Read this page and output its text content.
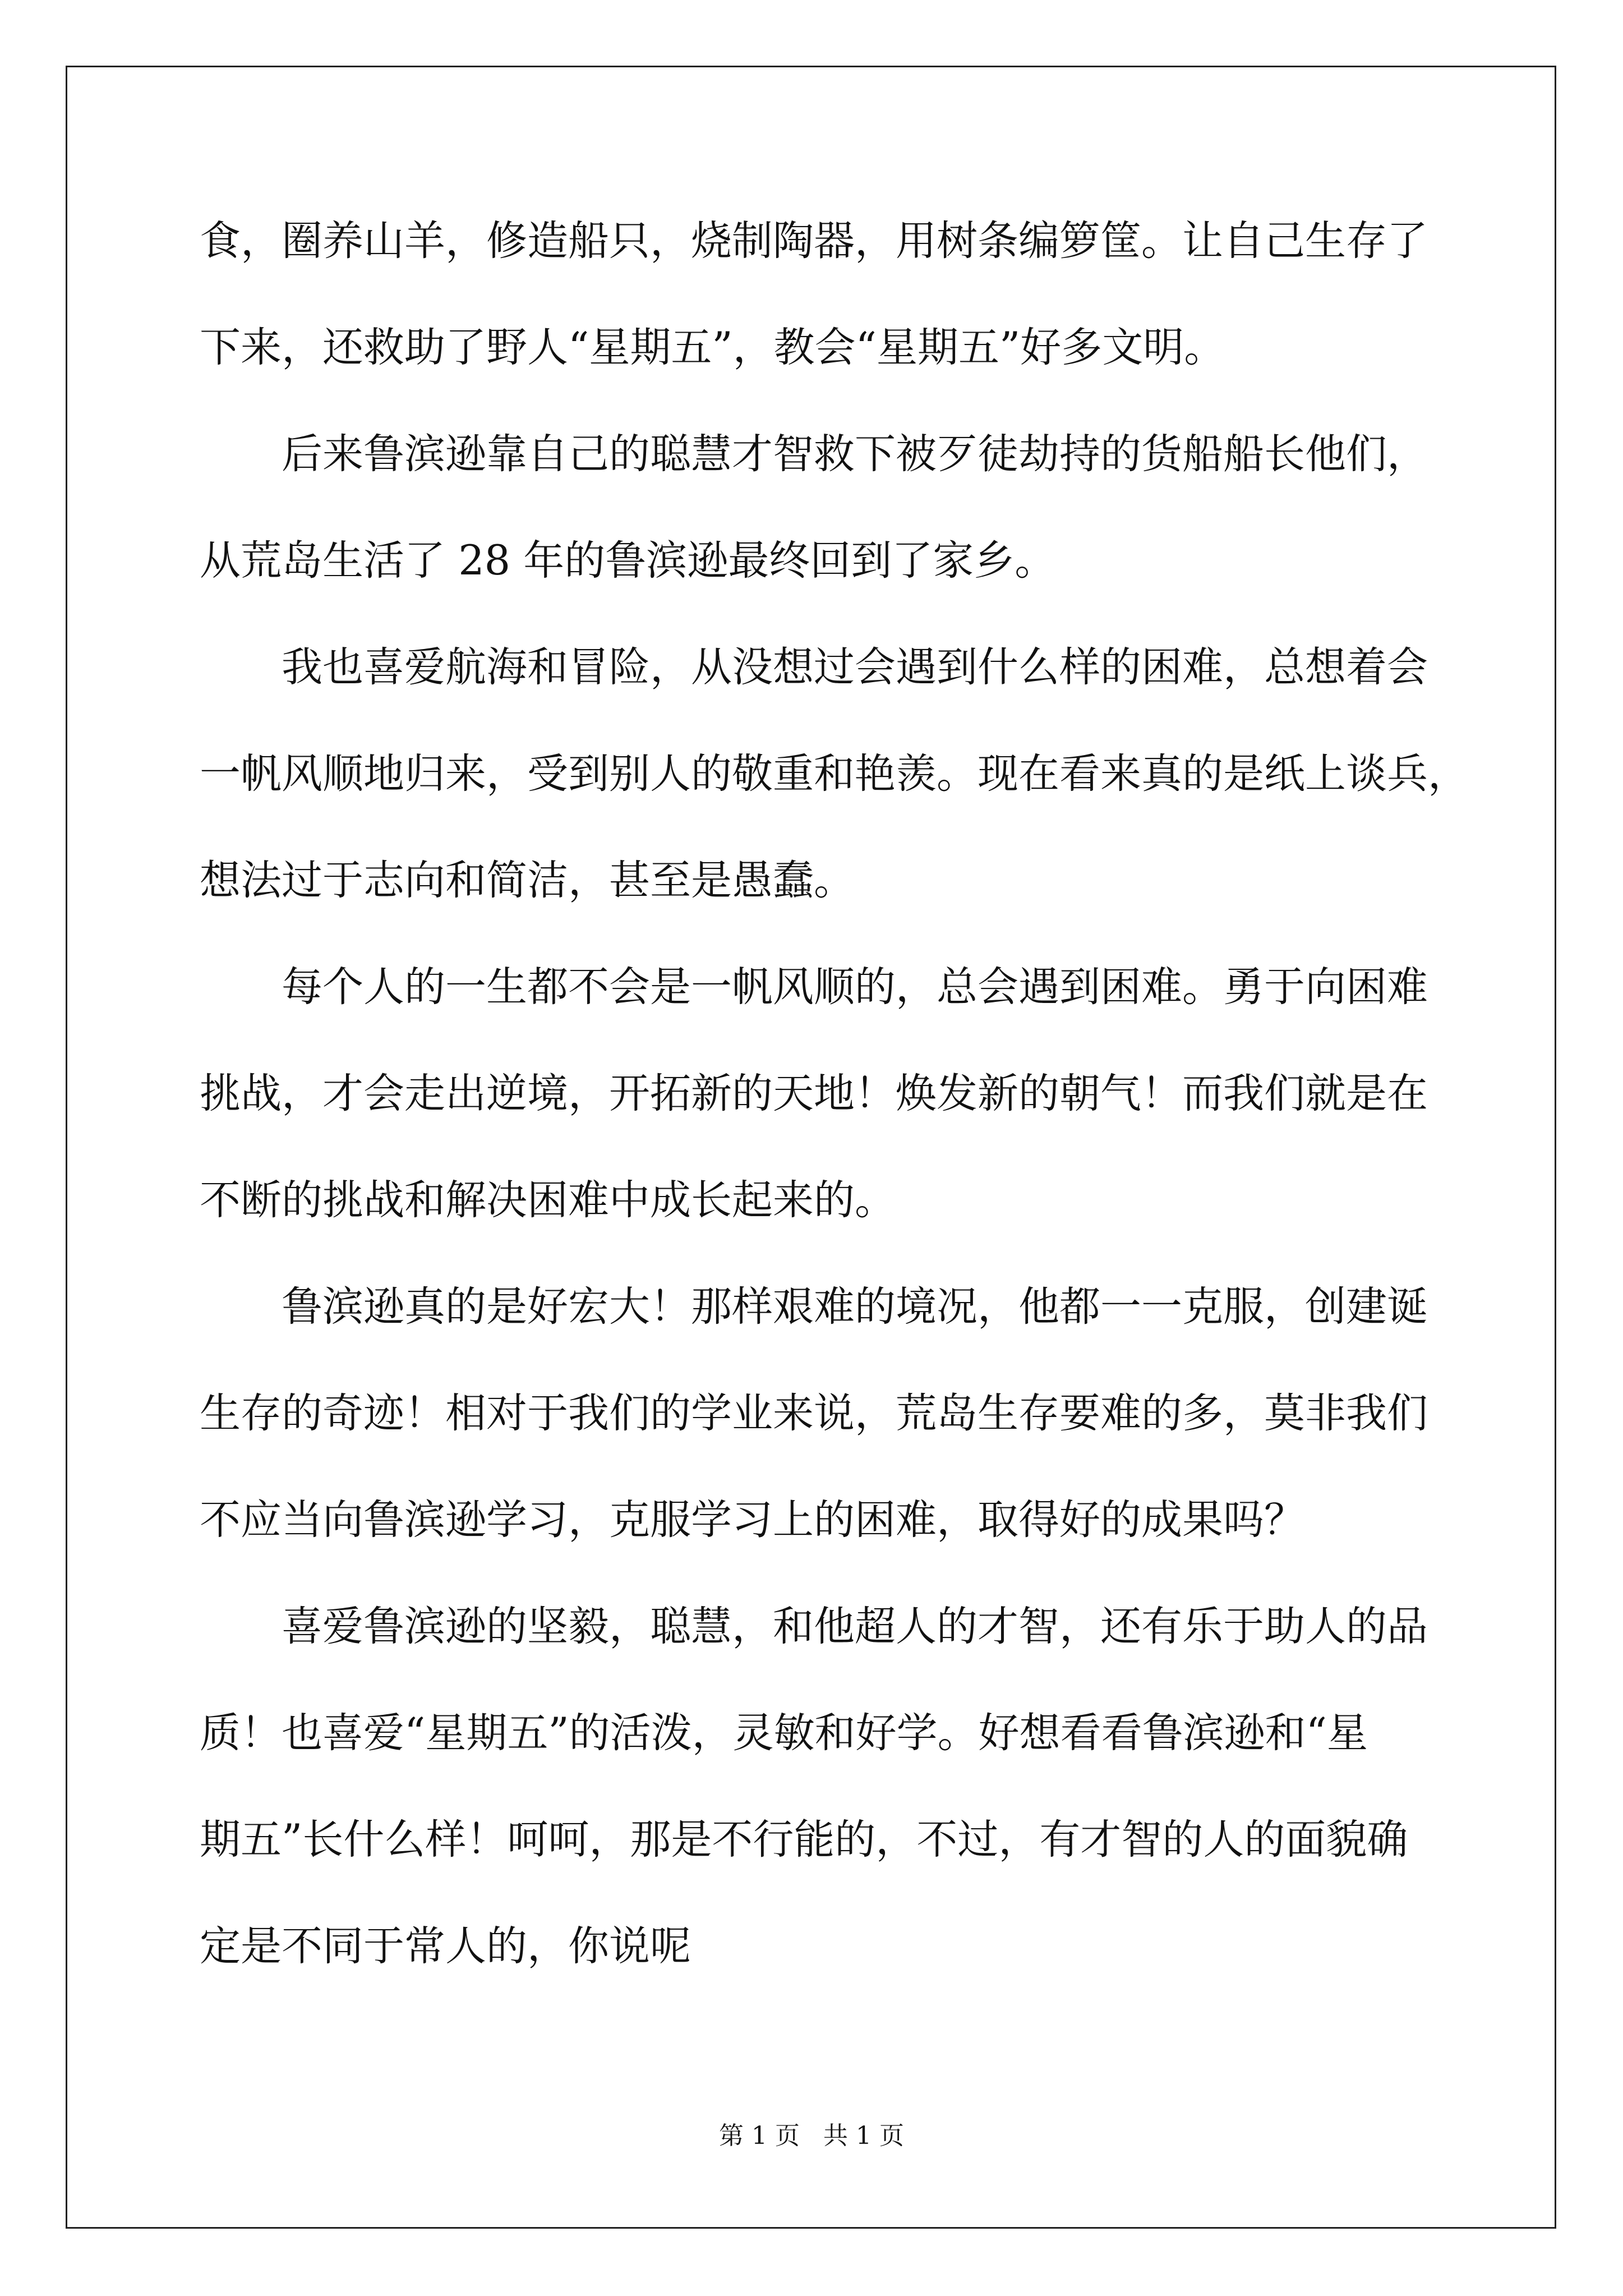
食，圈养山羊，修造船只，烧制陶器，用树条编箩筐。让自己生存了
下来，还救助了野人“星期五”，教会“星期五”好多文明。
后来鲁滨逊靠自己的聪慧才智救下被歹徒劫持的货船船长他们，
从荒岛生活了 28 年的鲁滨逊最终回到了家乡。
我也喜爱航海和冒险，从没想过会遇到什么样的困难，总想着会
一帆风顺地归来，受到别人的敬重和艳羡。现在看来真的是纸上谈兵，
想法过于志向和简洁，甚至是愚蠢。
每个人的一生都不会是一帆风顺的，总会遇到困难。勇于向困难
挑战，才会走出逆境，开拓新的天地！焕发新的朝气！而我们就是在
不断的挑战和解决困难中成长起来的。
鲁滨逊真的是好宏大！那样艰难的境况，他都一一克服，创建诞
生存的奇迹！相对于我们的学业来说，荒岛生存要难的多，莫非我们
不应当向鲁滨逊学习，克服学习上的困难，取得好的成果吗？
喜爱鲁滨逊的坚毅，聪慧，和他超人的才智，还有乐于助人的品
质！也喜爱“星期五”的活泼，灵敏和好学。好想看看鲁滨逊和“星
期五”长什么样！呵呵，那是不行能的，不过，有才智的人的面貌确
定是不同于常人的，你说呢
第 1 页 共 1 页
